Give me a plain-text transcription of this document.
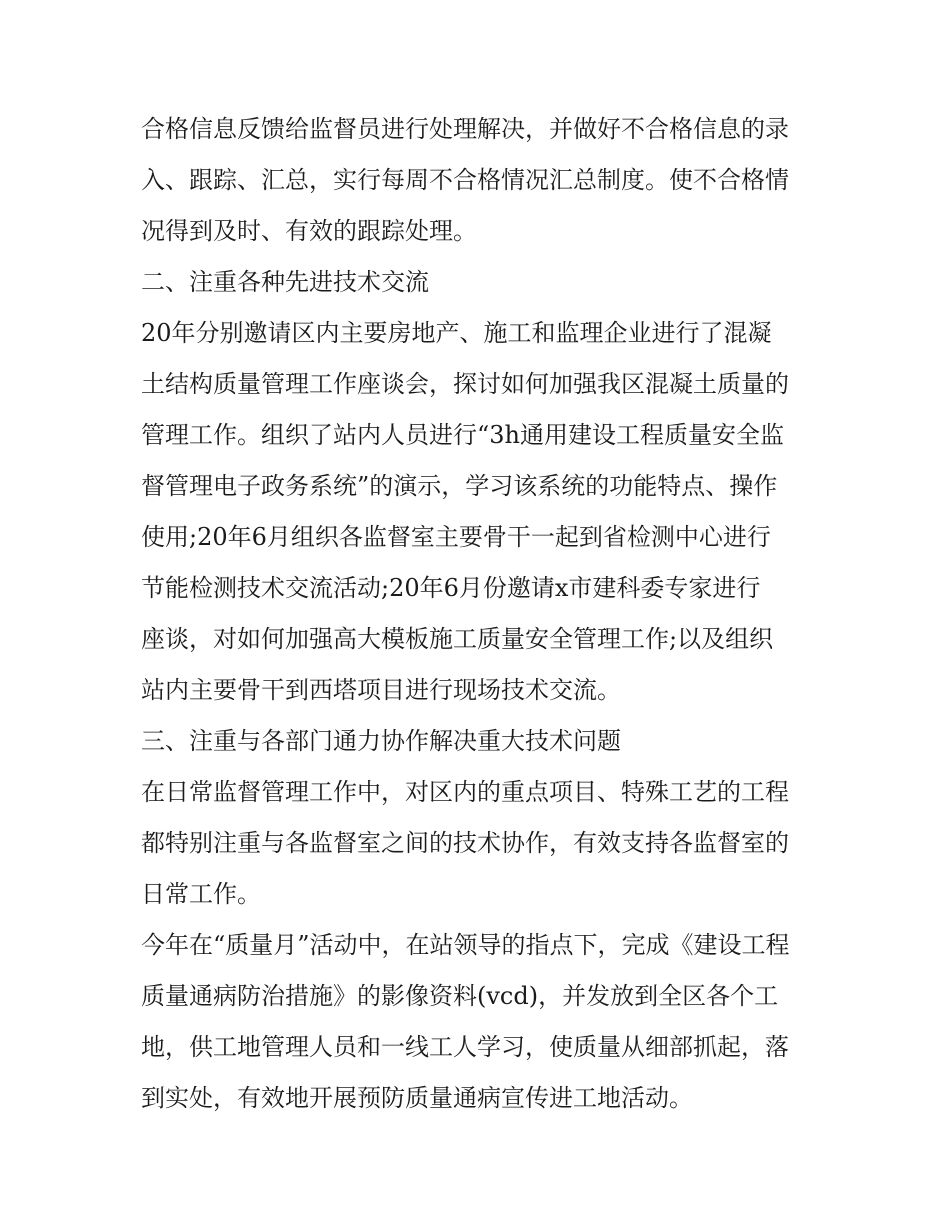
合格信息反馈给监督员进行处理解决，并做好不合格信息的录
入、跟踪、汇总，实行每周不合格情况汇总制度。使不合格情
况得到及时、有效的跟踪处理。
二、注重各种先进技术交流
20年分别邀请区内主要房地产、施工和监理企业进行了混凝
土结构质量管理工作座谈会，探讨如何加强我区混凝土质量的
管理工作。组织了站内人员进行“3h通用建设工程质量安全监
督管理电子政务系统”的演示，学习该系统的功能特点、操作
使用;20年6月组织各监督室主要骨干一起到省检测中心进行
节能检测技术交流活动;20年6月份邀请x市建科委专家进行
座谈，对如何加强高大模板施工质量安全管理工作;以及组织
站内主要骨干到西塔项目进行现场技术交流。
三、注重与各部门通力协作解决重大技术问题
在日常监督管理工作中，对区内的重点项目、特殊工艺的工程
都特别注重与各监督室之间的技术协作，有效支持各监督室的
日常工作。
今年在“质量月”活动中，在站领导的指点下，完成《建设工程
质量通病防治措施》的影像资料(vcd)，并发放到全区各个工
地，供工地管理人员和一线工人学习，使质量从细部抓起，落
到实处，有效地开展预防质量通病宣传进工地活动。
